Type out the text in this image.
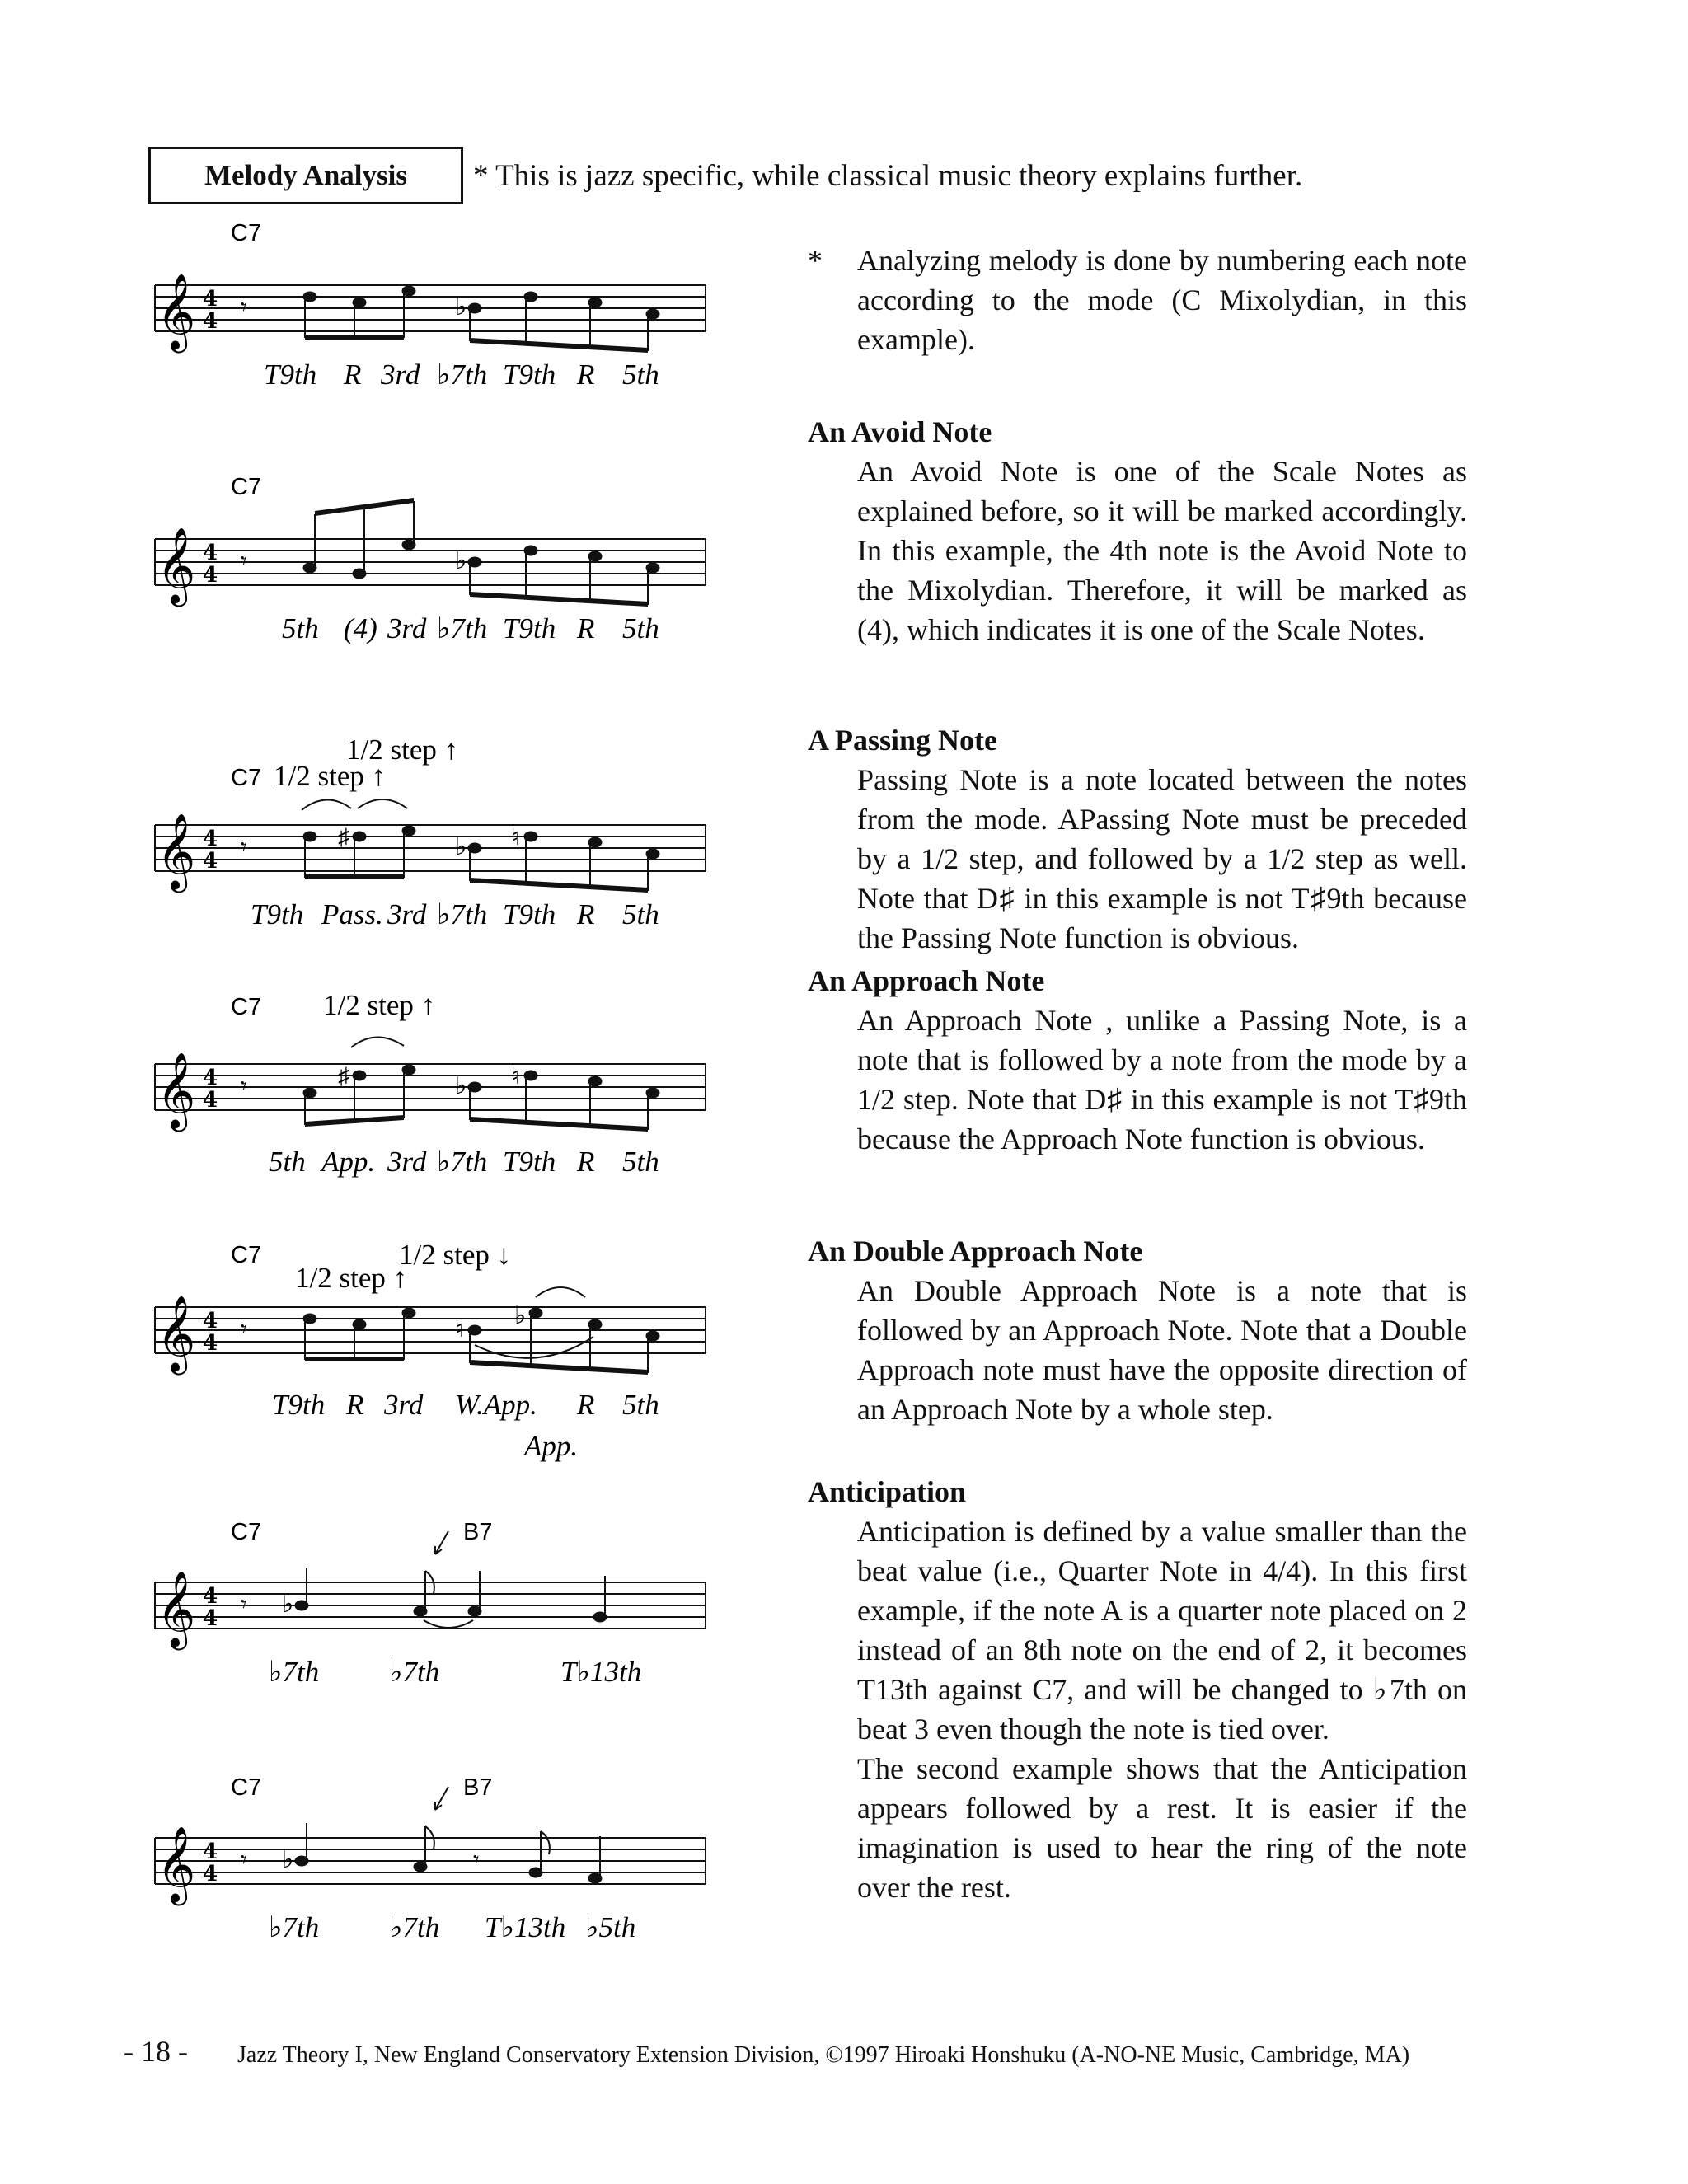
Melody Analysis * This is jazz specific, while classical music theory explains further.
𝄞 4
4
𝄾	♭
C7
T9th R 3rd ♭7th T9th R 5th
𝄞 4
4
𝄾	♭
C7
5th (4) 3rd ♭7th T9th R 5th
1/2 step ↑
C7 1/2 step ↑
𝄞 4
4
𝄾	♯	♭ ♮
T9th Pass. 3rd ♭7th T9th R 5th
C7 1/2 step ↑
𝄞 4
4
𝄾	♯	♭ ♮
5th App. 3rd ♭7th T9th R 5th
C7	1/2 step ↓
1/2 step ↑
𝄞 4
4
𝄾	♮
♭
T9th R 3rd W.App.
App.
R 5th
C7	B7
𝄞 4
4
𝄾 ♭
♭7th ♭7th	T♭13th
C7	B7
𝄞 4
4
𝄾	𝄾
♭
♭7th ♭7th T♭13th ♭5th
* Analyzing melody is done by numbering each note according to the mode (C Mixolydian, in this example).
An Avoid Note
An Avoid Note is one of the Scale Notes as explained before, so it will be marked accordingly. In this example, the 4th note is the Avoid Note to the Mixolydian. Therefore, it will be marked as (4), which indicates it is one of the Scale Notes.
A Passing Note
Passing Note is a note located between the notes from the mode. APassing Note must be preceded by a 1/2 step, and followed by a 1/2 step as well. Note that D♯ in this example is not T♯9th because the Passing Note function is obvious.
An Approach Note
An Approach Note , unlike a Passing Note, is a note that is followed by a note from the mode by a 1/2 step. Note that D♯ in this example is not T♯9th because the Approach Note function is obvious.
An Double Approach Note
An Double Approach Note is a note that is followed by an Approach Note. Note that a Double Approach note must have the opposite direction of an Approach Note by a whole step.
Anticipation

Anticipation is defined by a value smaller than the beat value (i.e., Quarter Note in 4/4). In this first example, if the note A is a quarter note placed on 2 instead of an 8th note on the end of 2, it becomes T13th against C7, and will be changed to ♭7th on beat 3 even though the note is tied over.

The second example shows that the Anticipation appears followed by a rest. It is easier if the imagination is used to hear the ring of the note over the rest.

- 18 - Jazz Theory I, New England Conservatory Extension Division, ©1997 Hiroaki Honshuku (A-NO-NE Music, Cambridge, MA)
